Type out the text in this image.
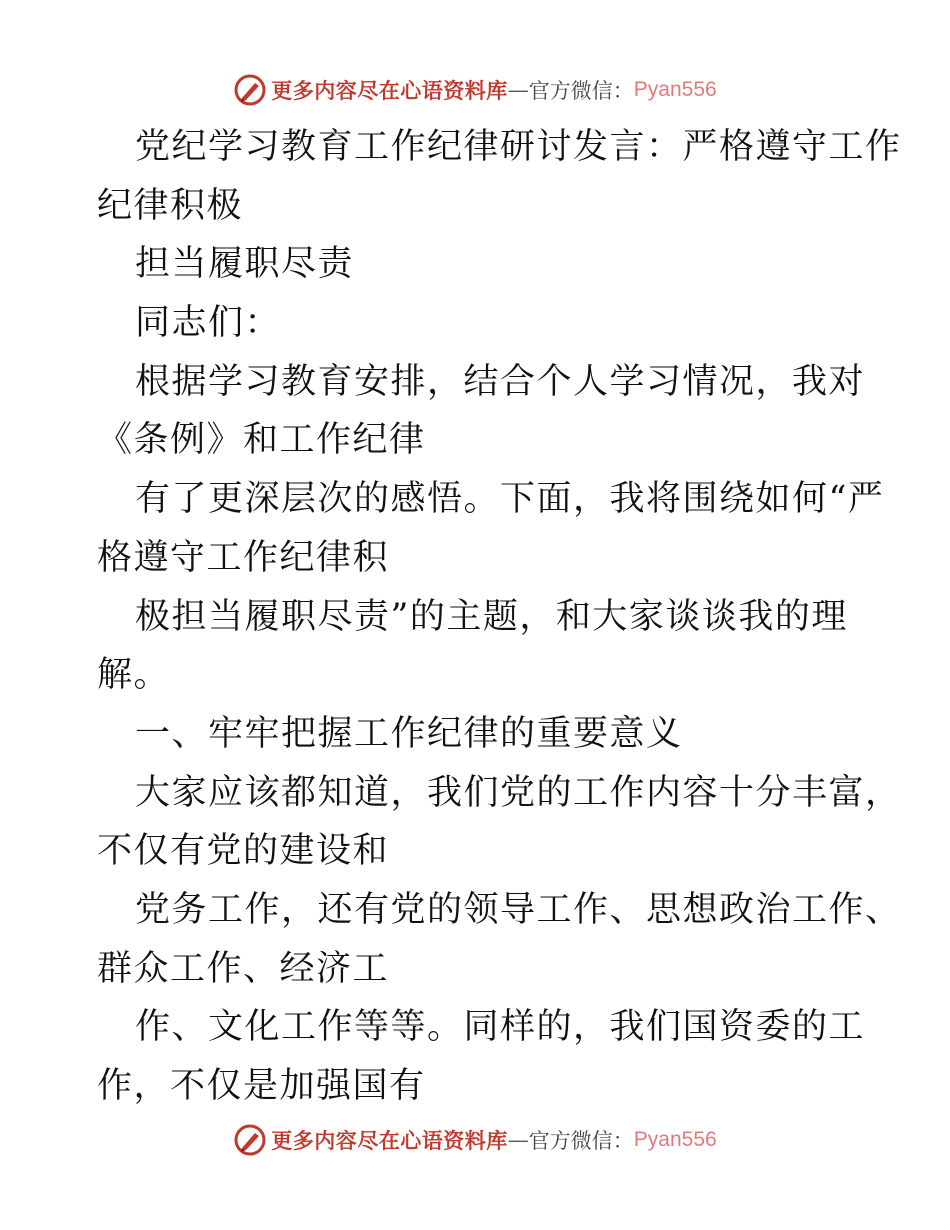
更多内容尽在心语资料库 — 官方微信： Pyan556
党纪学习教育工作纪律研讨发言：严格遵守工作
纪律积极
担当履职尽责
同志们：
根据学习教育安排，结合个人学习情况，我对
《条例》和工作纪律
有了更深层次的感悟。下面，我将围绕如何“严
格遵守工作纪律积
极担当履职尽责”的主题，和大家谈谈我的理
解。
一、牢牢把握工作纪律的重要意义
大家应该都知道，我们党的工作内容十分丰富，
不仅有党的建设和
党务工作，还有党的领导工作、思想政治工作、
群众工作、经济工
作、文化工作等等。同样的，我们国资委的工
作，不仅是加强国有
更多内容尽在心语资料库 — 官方微信： Pyan556
